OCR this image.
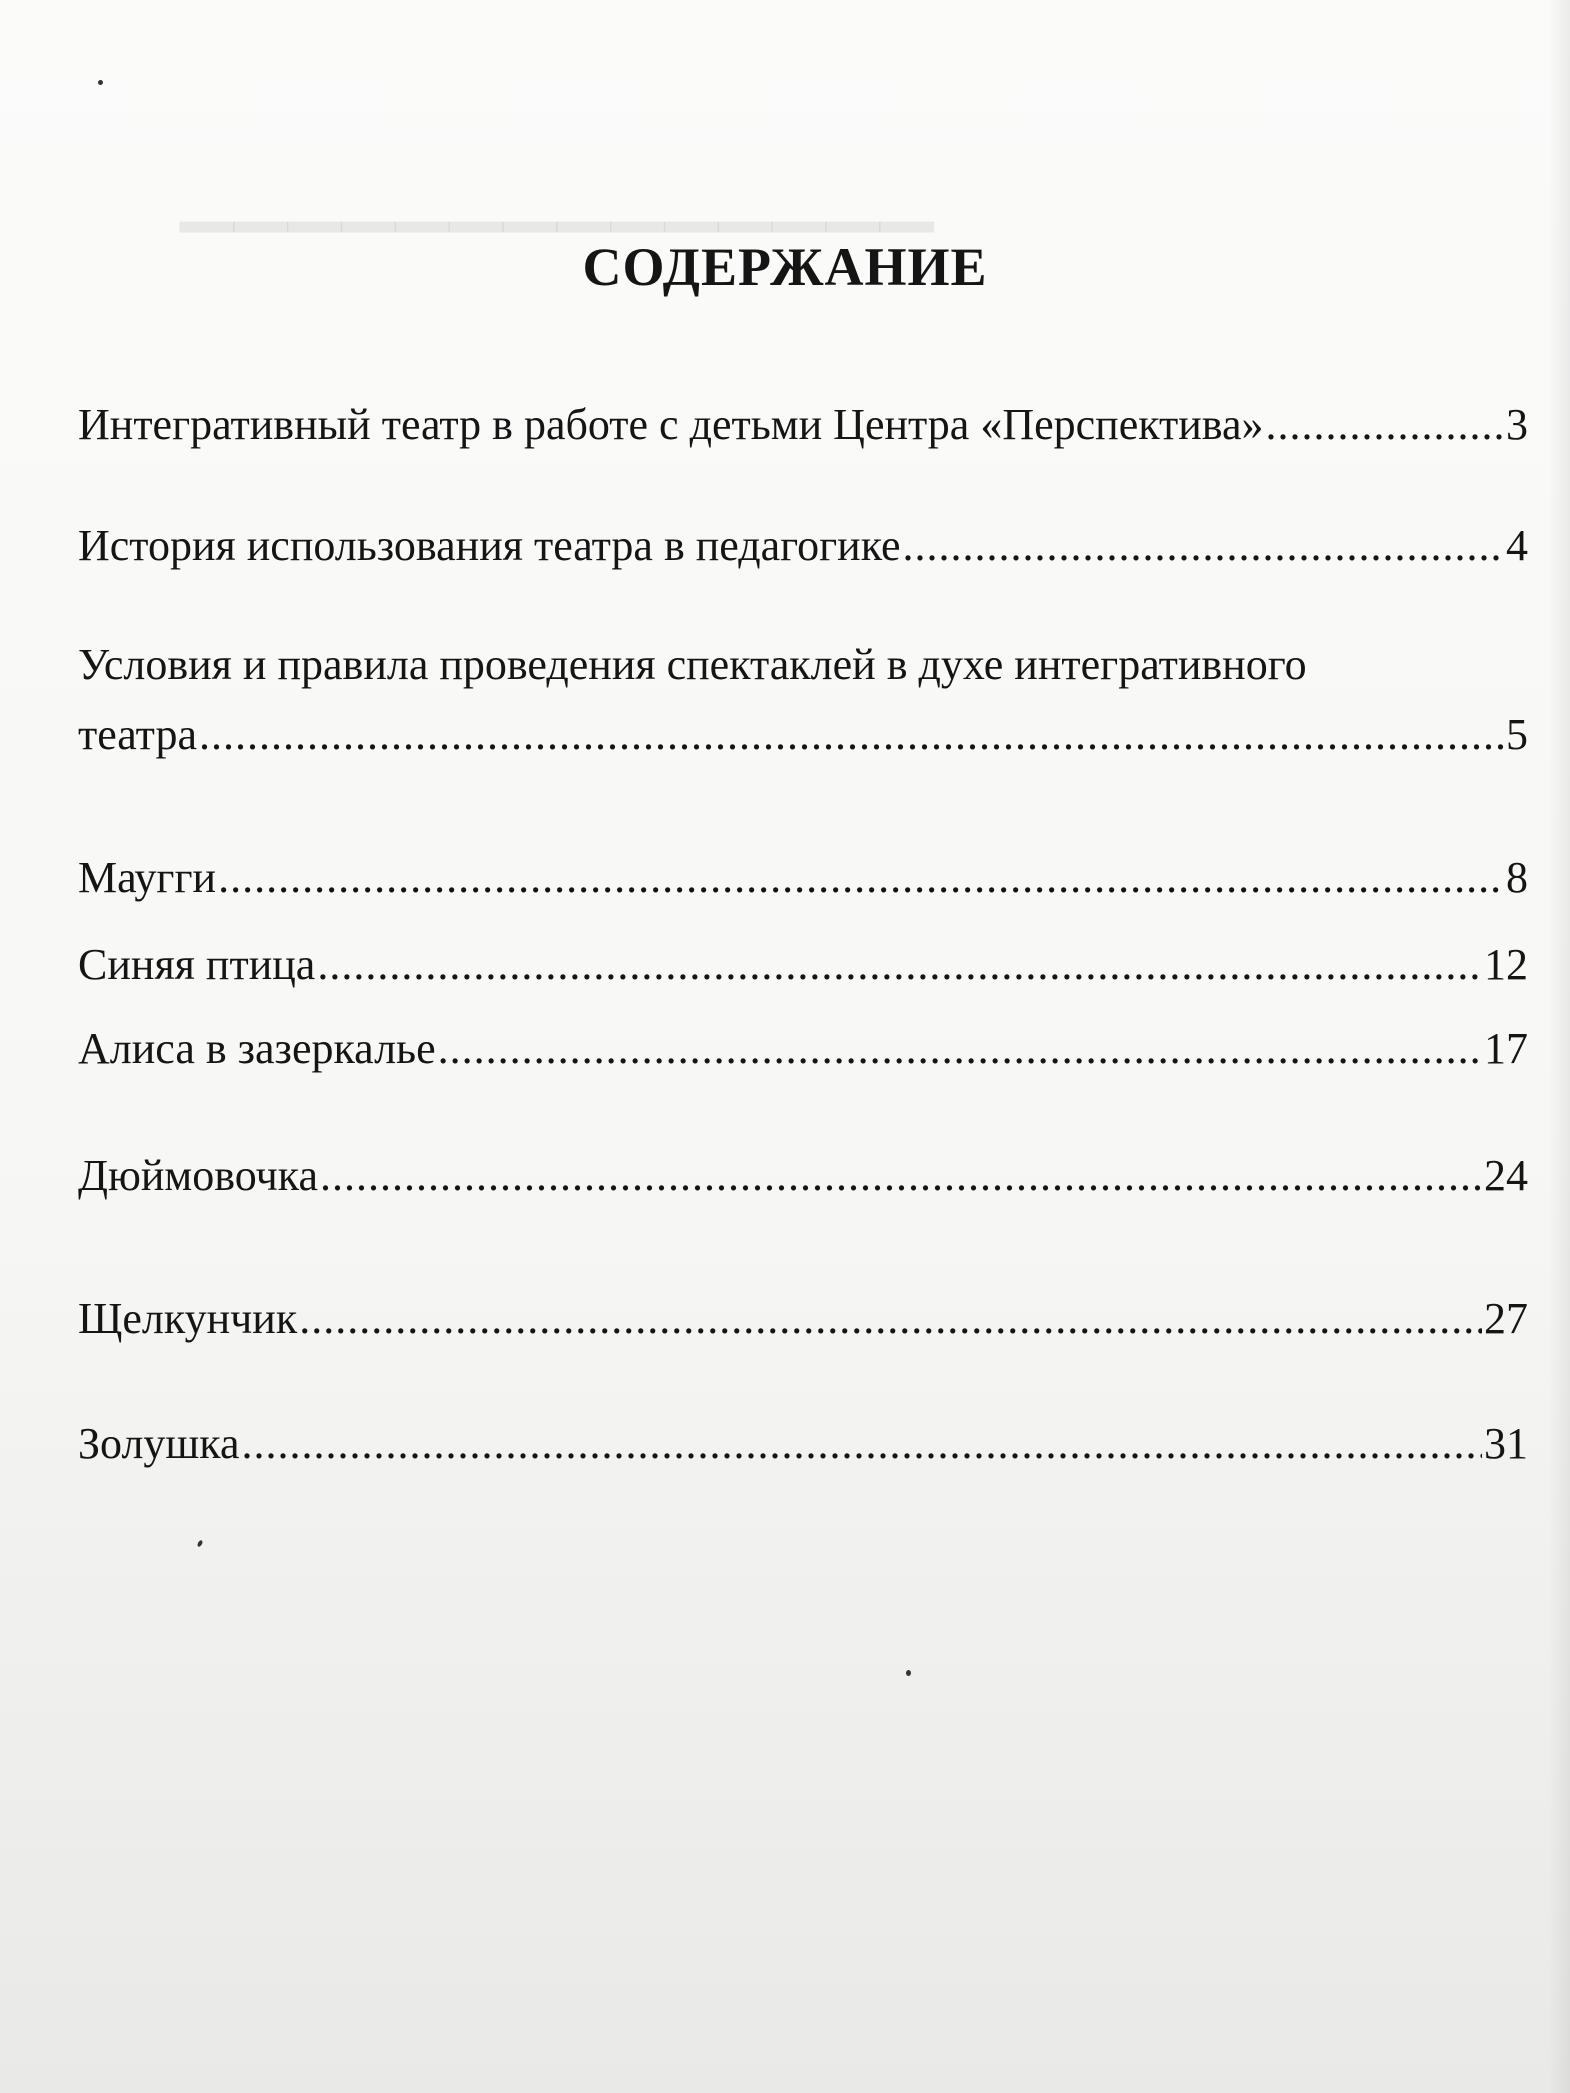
▁▁▁▁▁▁▁▁▁▁▁▁▁▁
СОДЕРЖАНИЕ
Интегративный театр в работе с детьми Центра «Перспектива» .....	3
История использования театра в педагогике .....	4
Условия и правила проведения спектаклей в духе интегративного
театра .....	5
Маугги .....	8
Синяя птица .....	12
Алиса в зазеркалье .....	17
Дюймовочка .....	24
Щелкунчик .....	27
Золушка .....	31
